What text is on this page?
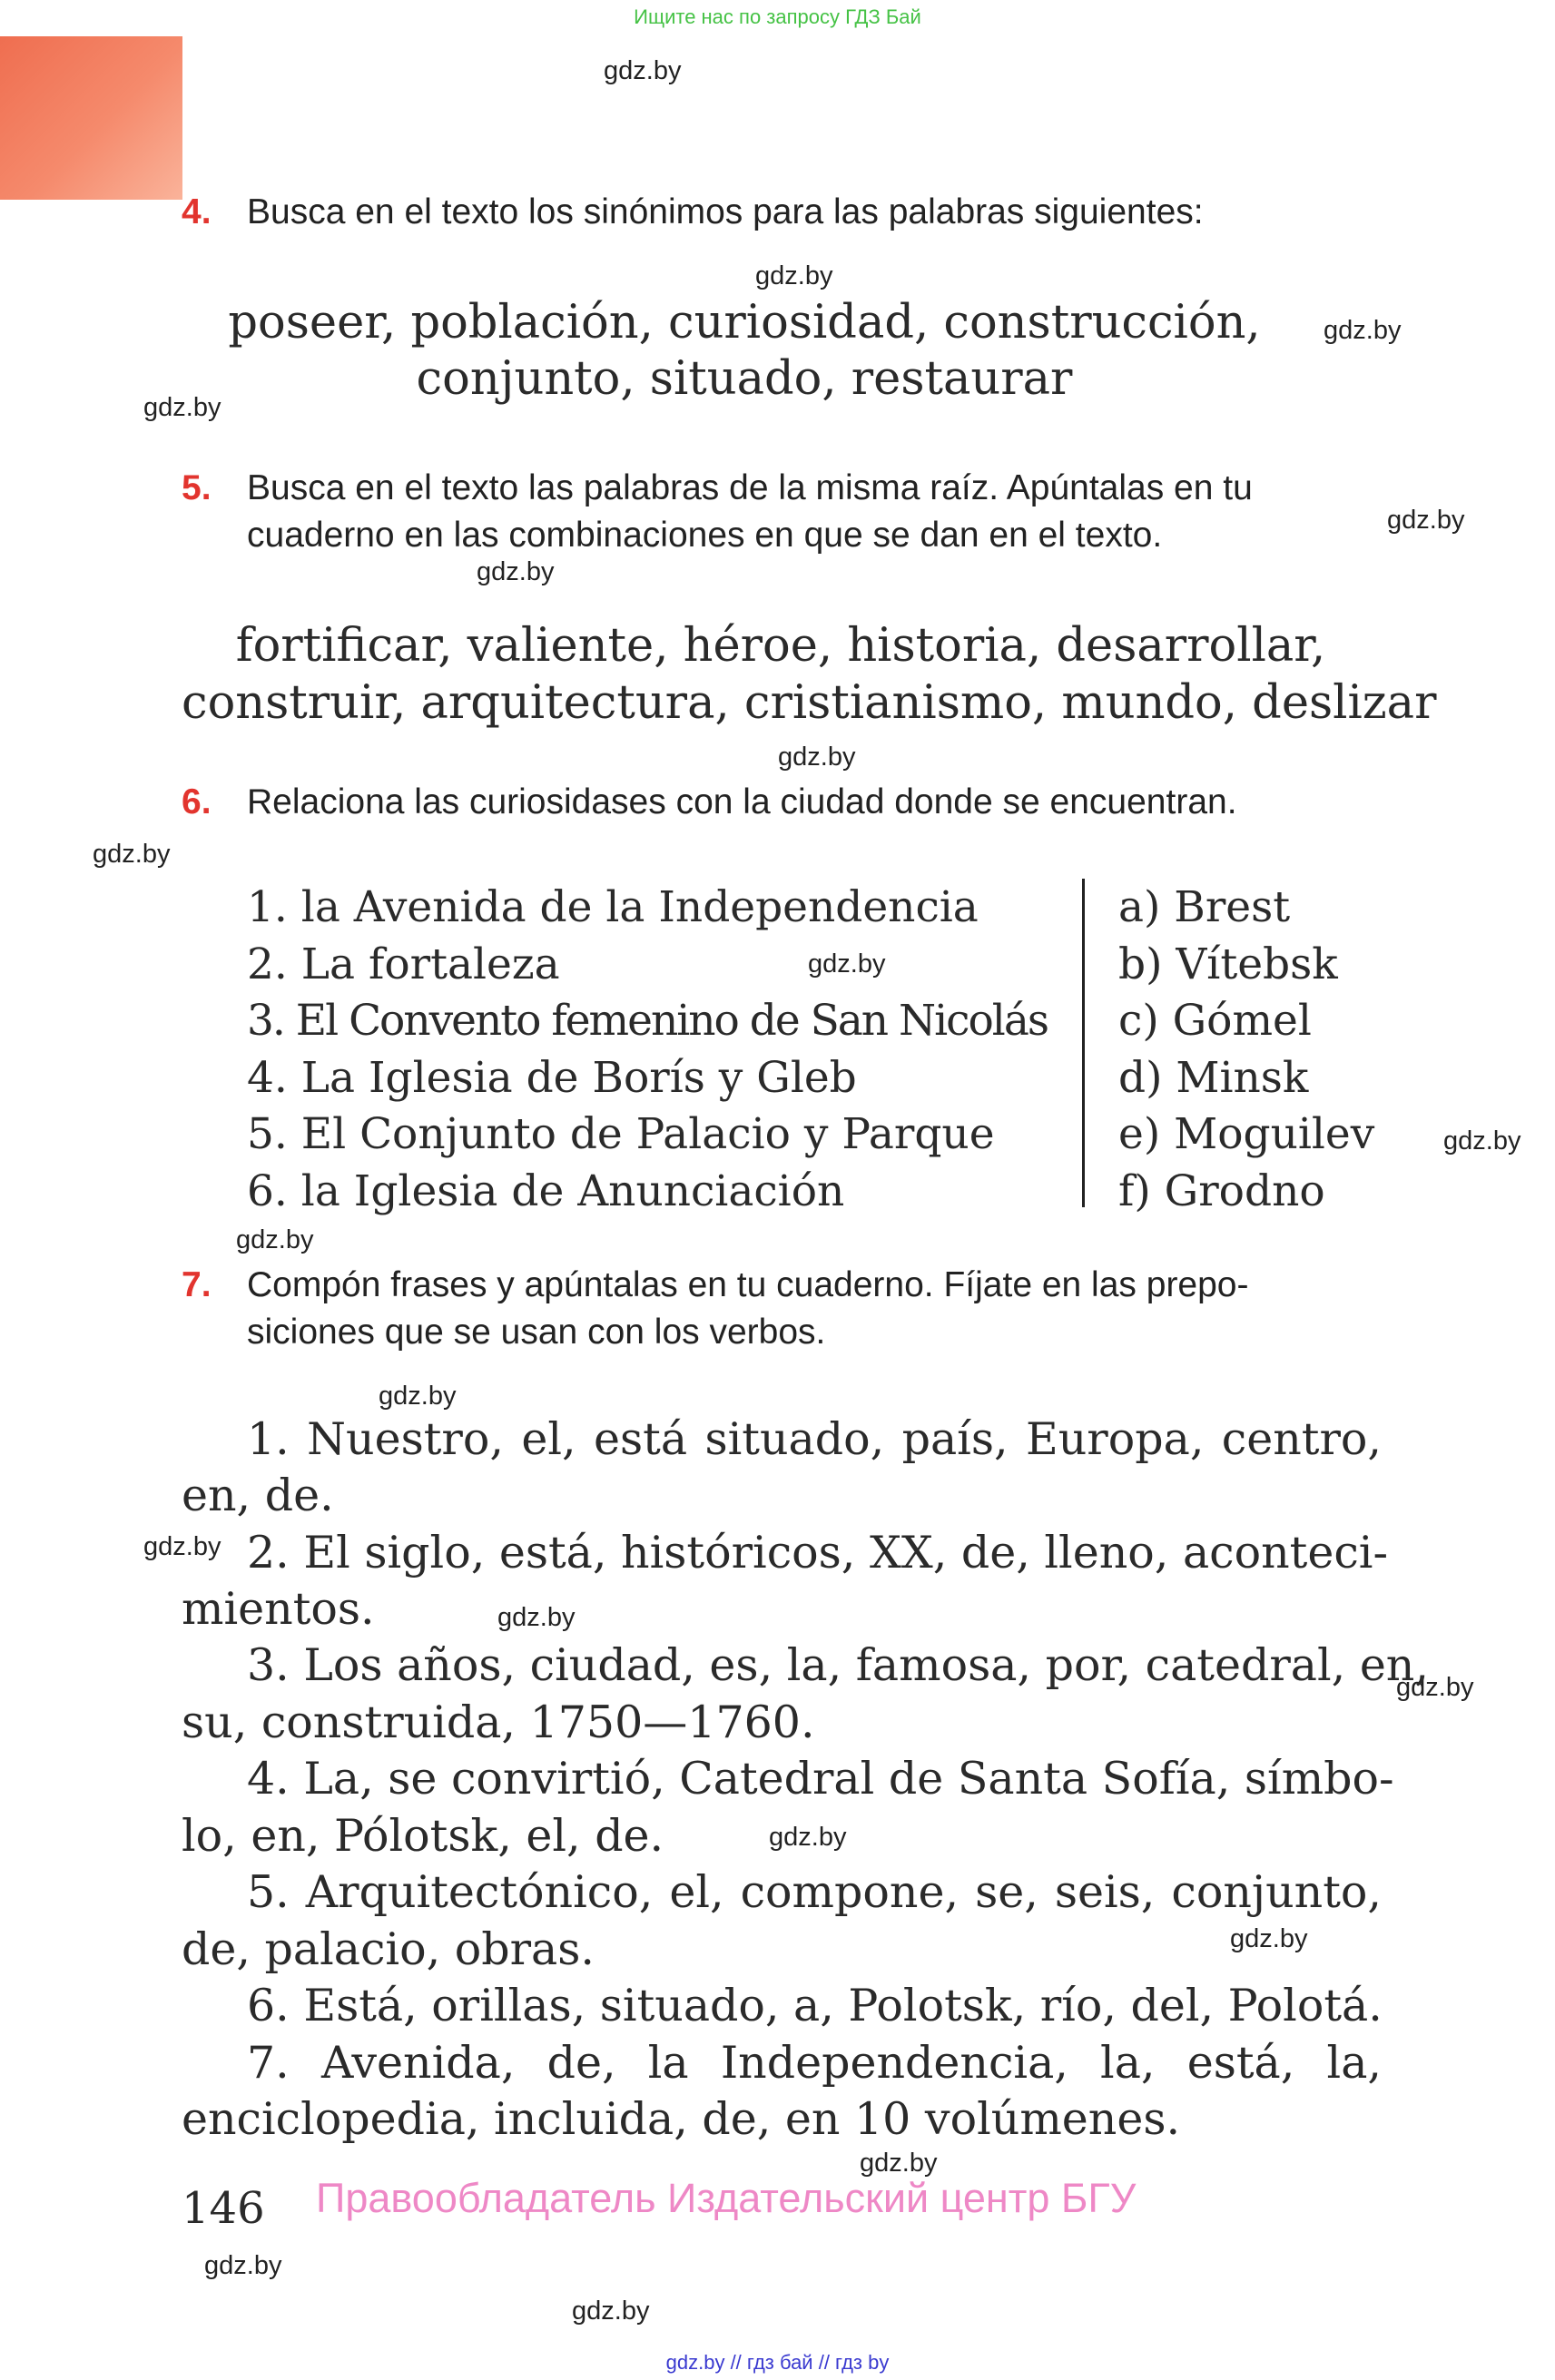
Ищите нас по запросу ГДЗ Бай
gdz.by
gdz.by
gdz.by
gdz.by
gdz.by
gdz.by
gdz.by
gdz.by
gdz.by
gdz.by
gdz.by
gdz.by
gdz.by
gdz.by
gdz.by
gdz.by
gdz.by
gdz.by
gdz.by
gdz.by
4. Busca en el texto los sinónimos para las palabras siguientes:
poseer, población, curiosidad, construcción,
conjunto, situado, restaurar
5. Busca en el texto las palabras de la misma raíz. Apúntalas en tu
cuaderno en las combinaciones en que se dan en el texto.
fortificar, valiente, héroe, historia, desarrollar,
construir, arquitectura, cristianismo, mundo, deslizar
6. Relaciona las curiosidases con la ciudad donde se encuentran.
1. la Avenida de la Independencia
2. La fortaleza
3. El Convento femenino de San Nicolás
4. La Iglesia de Borís y Gleb
5. El Conjunto de Palacio y Parque
6. la Iglesia de Anunciación
a) Brest
b) Vítebsk
c) Gómel
d) Minsk
e) Moguilev
f) Grodno
7. Compón frases y apúntalas en tu cuaderno. Fíjate en las prepo-
siciones que se usan con los verbos.
1. Nuestro, el, está situado, país, Europa, centro,
en, de.
2. El siglo, está, históricos, XX, de, lleno, aconteci-
mientos.
3. Los años, ciudad, es, la, famosa, por, catedral, en,
su, construida, 1750—1760.
4. La, se convirtió, Catedral de Santa Sofía, símbo-
lo, en, Pólotsk, el, de.
5. Arquitectónico, el, compone, se, seis, conjunto,
de, palacio, obras.
6. Está, orillas, situado, a, Polotsk, río, del, Polotá.
7. Avenida, de, la Independencia, la, está, la,
enciclopedia, incluida, de, en 10 volúmenes.
146 Правообладатель Издательский центр БГУ
gdz.by // гдз бай // гдз by
